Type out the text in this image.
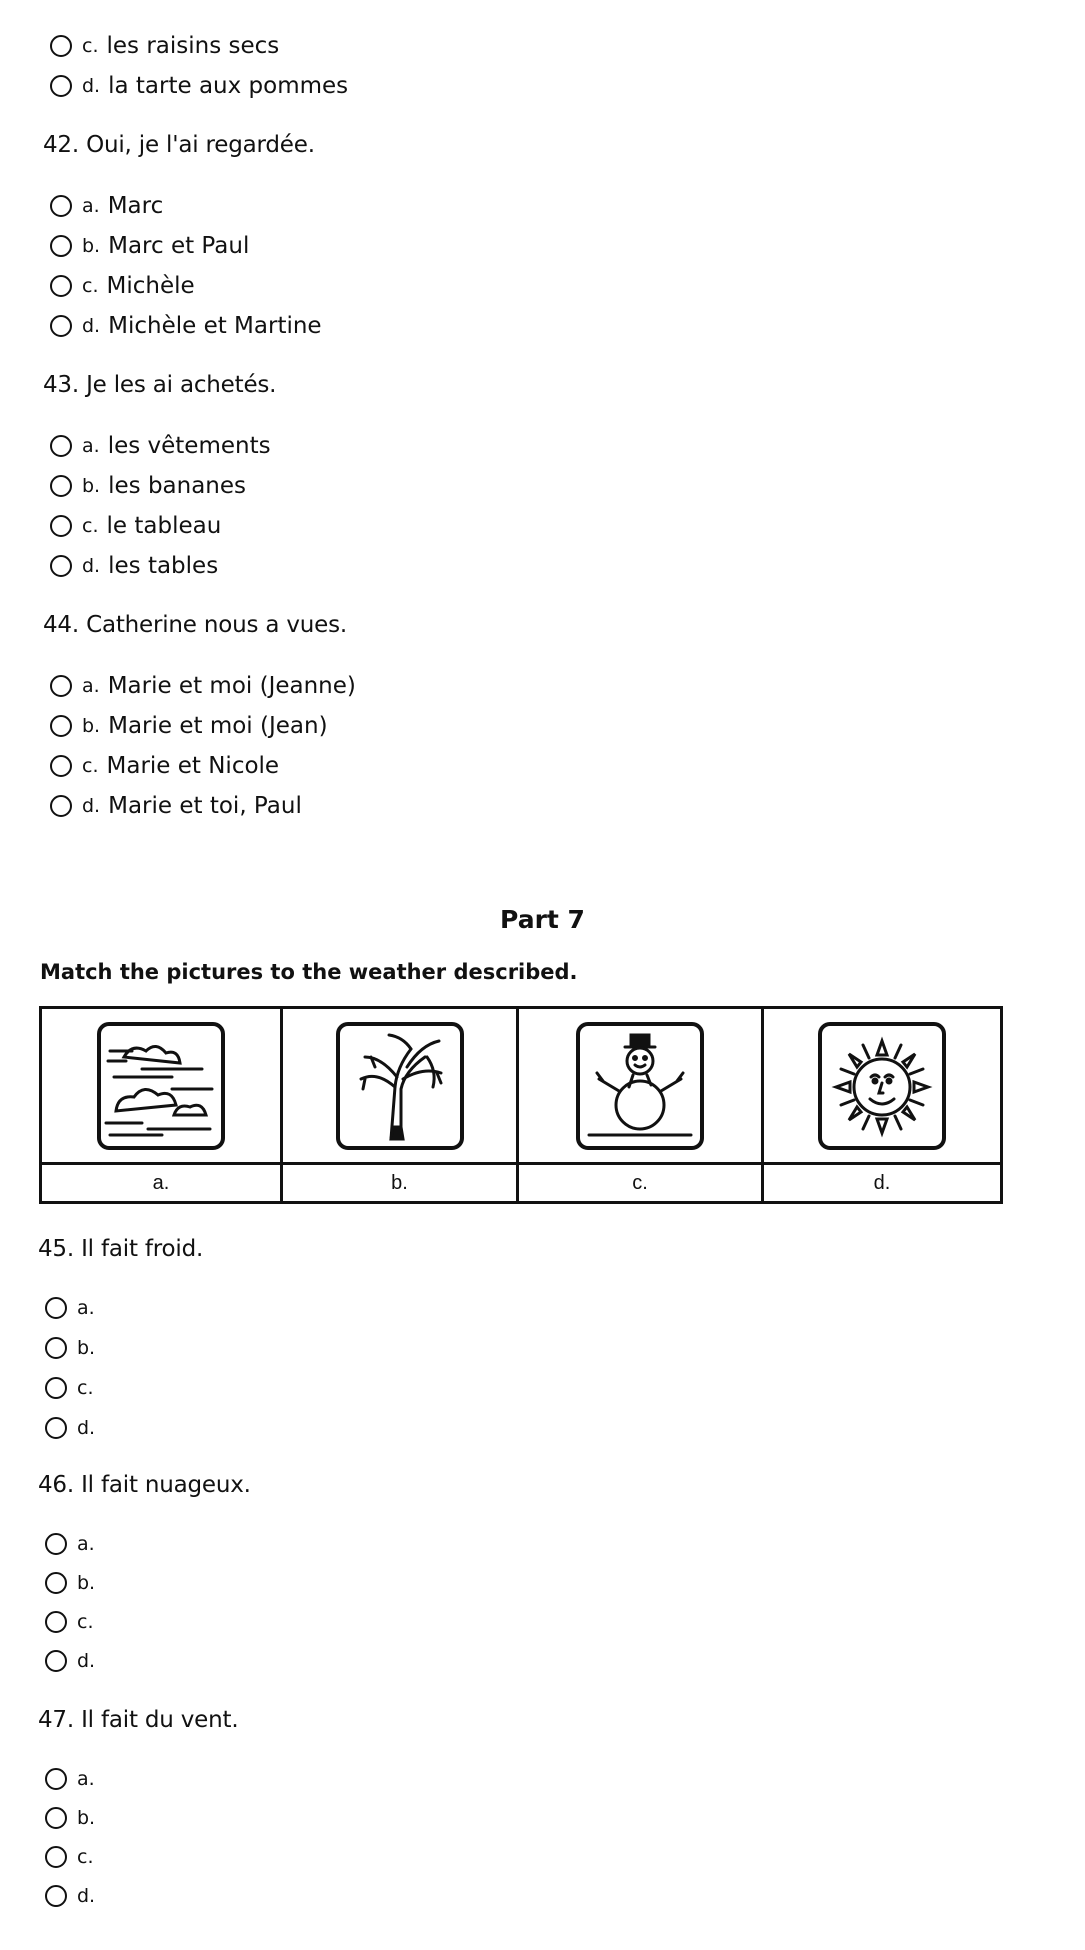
c. les raisins secs
d. la tarte aux pommes
42. Oui, je l'ai regardée.
a. Marc
b. Marc et Paul
c. Michèle
d. Michèle et Martine
43. Je les ai achetés.
a. les vêtements
b. les bananes
c. le tableau
d. les tables
44. Catherine nous a vues.
a. Marie et moi (Jeanne)
b. Marie et moi (Jean)
c. Marie et Nicole
d. Marie et toi, Paul
Part 7
Match the pictures to the weather described.
a.	b.	c.	d.
45. Il fait froid.
a.
b.
c.
d.
46. Il fait nuageux.
a.
b.
c.
d.
47. Il fait du vent.
a.
b.
c.
d.
